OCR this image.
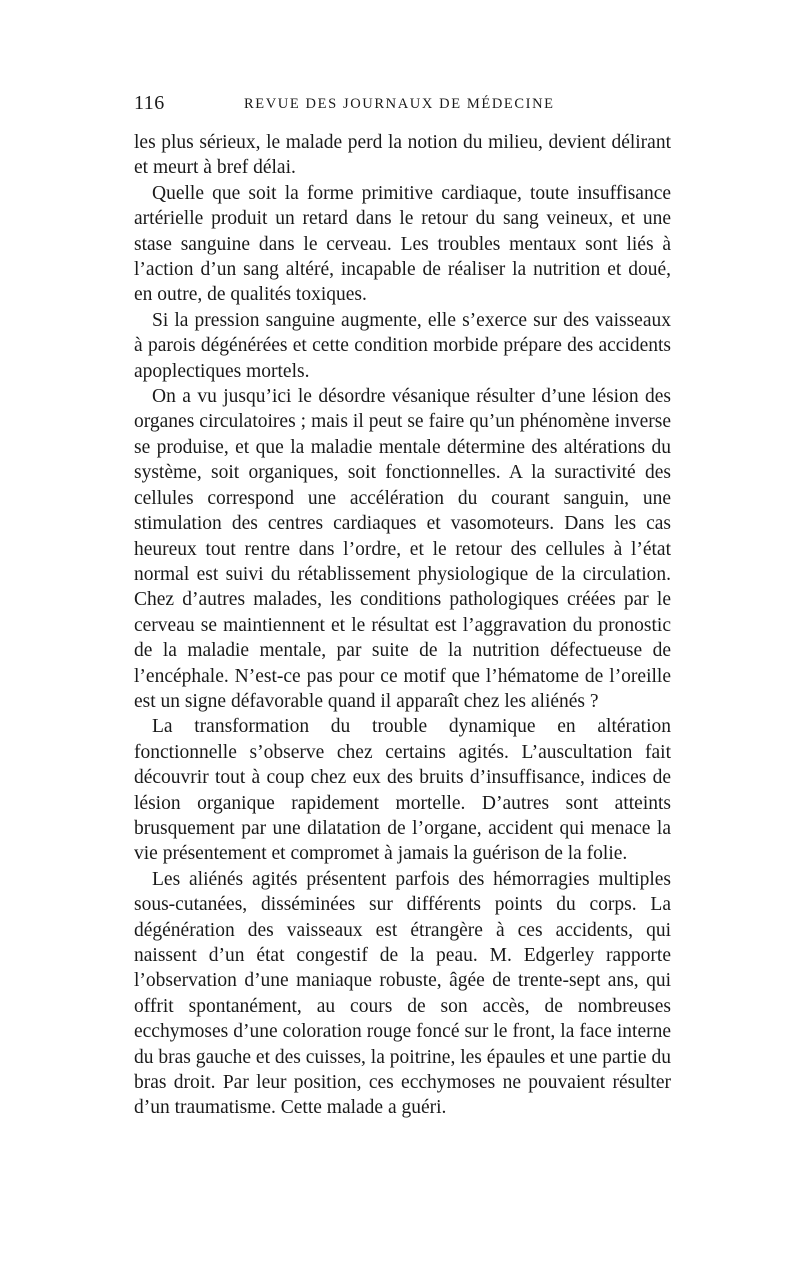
116	REVUE DES JOURNAUX DE MÉDECINE

les plus sérieux, le malade perd la notion du milieu, devient délirant et meurt à bref délai.

Quelle que soit la forme primitive cardiaque, toute insuffisance artérielle produit un retard dans le retour du sang veineux, et une stase sanguine dans le cerveau. Les troubles mentaux sont liés à l’action d’un sang altéré, incapable de réaliser la nutrition et doué, en outre, de qualités toxiques.

Si la pression sanguine augmente, elle s’exerce sur des vaisseaux à parois dégénérées et cette condition morbide prépare des accidents apoplectiques mortels.

On a vu jusqu’ici le désordre vésanique résulter d’une lésion des organes circulatoires ; mais il peut se faire qu’un phénomène inverse se produise, et que la maladie mentale détermine des altérations du système, soit organiques, soit fonctionnelles. A la suractivité des cellules correspond une accélération du courant sanguin, une stimulation des centres cardiaques et vasomoteurs. Dans les cas heureux tout rentre dans l’ordre, et le retour des cellules à l’état normal est suivi du rétablissement physiologique de la circulation. Chez d’autres malades, les conditions pathologiques créées par le cerveau se maintiennent et le résultat est l’aggravation du pronostic de la maladie mentale, par suite de la nutrition défectueuse de l’encéphale. N’est-ce pas pour ce motif que l’hématome de l’oreille est un signe défavorable quand il apparaît chez les aliénés ?

La transformation du trouble dynamique en altération fonctionnelle s’observe chez certains agités. L’auscultation fait découvrir tout à coup chez eux des bruits d’insuffisance, indices de lésion organique rapidement mortelle. D’autres sont atteints brusquement par une dilatation de l’organe, accident qui menace la vie présentement et compromet à jamais la guérison de la folie.

Les aliénés agités présentent parfois des hémorragies multiples sous-cutanées, disséminées sur différents points du corps. La dégénération des vaisseaux est étrangère à ces accidents, qui naissent d’un état congestif de la peau. M. Edgerley rapporte l’observation d’une maniaque robuste, âgée de trente-sept ans, qui offrit spontanément, au cours de son accès, de nombreuses ecchymoses d’une coloration rouge foncé sur le front, la face interne du bras gauche et des cuisses, la poitrine, les épaules et une partie du bras droit. Par leur position, ces ecchymoses ne pouvaient résulter d’un traumatisme. Cette malade a guéri.
